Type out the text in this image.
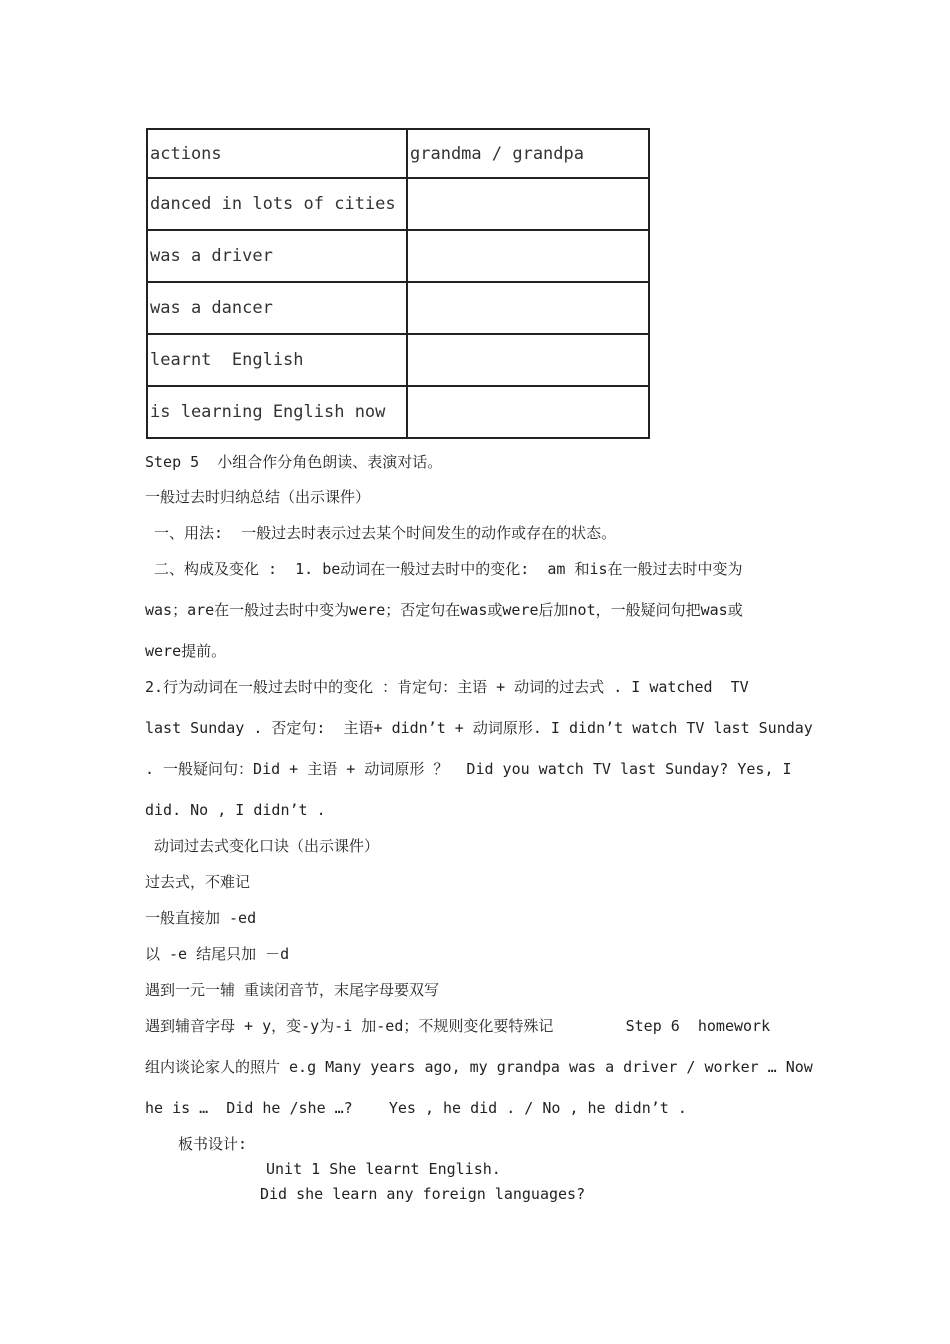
actions	grandma / grandpa
danced in lots of cities	
was a driver	
was a dancer	
learnt  English	
is learning English now	
Step 5  小组合作分角色朗读、表演对话。
一般过去时归纳总结（出示课件）
一、用法:  一般过去时表示过去某个时间发生的动作或存在的状态。
二、构成及变化 :  1. be动词在一般过去时中的变化:  am 和is在一般过去时中变为
was；are在一般过去时中变为were；否定句在was或were后加not，一般疑问句把was或
were提前。
2.行为动词在一般过去时中的变化 ：肯定句：主语 + 动词的过去式 . I watched  TV
last Sunday . 否定句:  主语+ didn’t + 动词原形. I didn’t watch TV last Sunday
. 一般疑问句：Did + 主语 + 动词原形 ？  Did you watch TV last Sunday? Yes, I
did. No , I didn’t .
动词过去式变化口诀（出示课件）
过去式，不难记
一般直接加 -ed
以 -e 结尾只加 －d
遇到一元一辅 重读闭音节，末尾字母要双写
遇到辅音字母 + y，变-y为-i 加-ed；不规则变化要特殊记        Step 6  homework
组内谈论家人的照片 e.g Many years ago, my grandpa was a driver / worker … Now
he is …  Did he /she …?    Yes , he did . / No , he didn’t .
板书设计:
Unit 1 She learnt English.
Did she learn any foreign languages?
